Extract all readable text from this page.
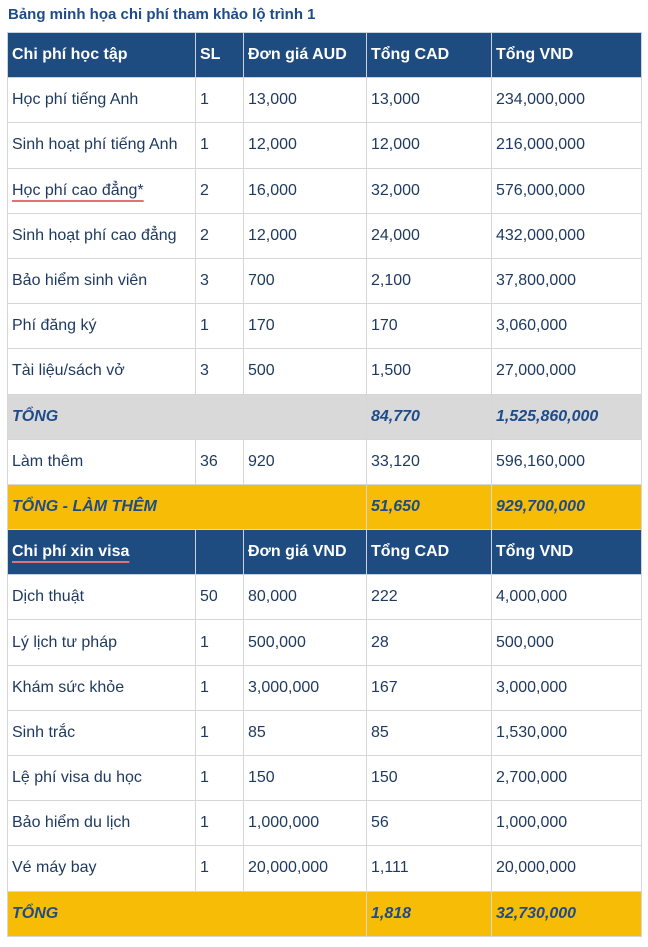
Bảng minh họa chi phí tham khảo lộ trình 1
Chi phí học tập	SL	Đơn giá AUD	Tổng CAD	Tổng VND
Học phí tiếng Anh	1	13,000	13,000	234,000,000
Sinh hoạt phí tiếng Anh	1	12,000	12,000	216,000,000
Học phí cao đẳng*	2	16,000	32,000	576,000,000
Sinh hoạt phí cao đẳng	2	12,000	24,000	432,000,000
Bảo hiểm sinh viên	3	700	2,100	37,800,000
Phí đăng ký	1	170	170	3,060,000
Tài liệu/sách vở	3	500	1,500	27,000,000
TỔNG			84,770	1,525,860,000
Làm thêm	36	920	33,120	596,160,000
TỔNG - LÀM THÊM			51,650	929,700,000
Chi phí xin visa		Đơn giá VND	Tổng CAD	Tổng VND
Dịch thuật	50	80,000	222	4,000,000
Lý lịch tư pháp	1	500,000	28	500,000
Khám sức khỏe	1	3,000,000	167	3,000,000
Sinh trắc	1	85	85	1,530,000
Lệ phí visa du học	1	150	150	2,700,000
Bảo hiểm du lịch	1	1,000,000	56	1,000,000
Vé máy bay	1	20,000,000	1,111	20,000,000
TỔNG			1,818	32,730,000
